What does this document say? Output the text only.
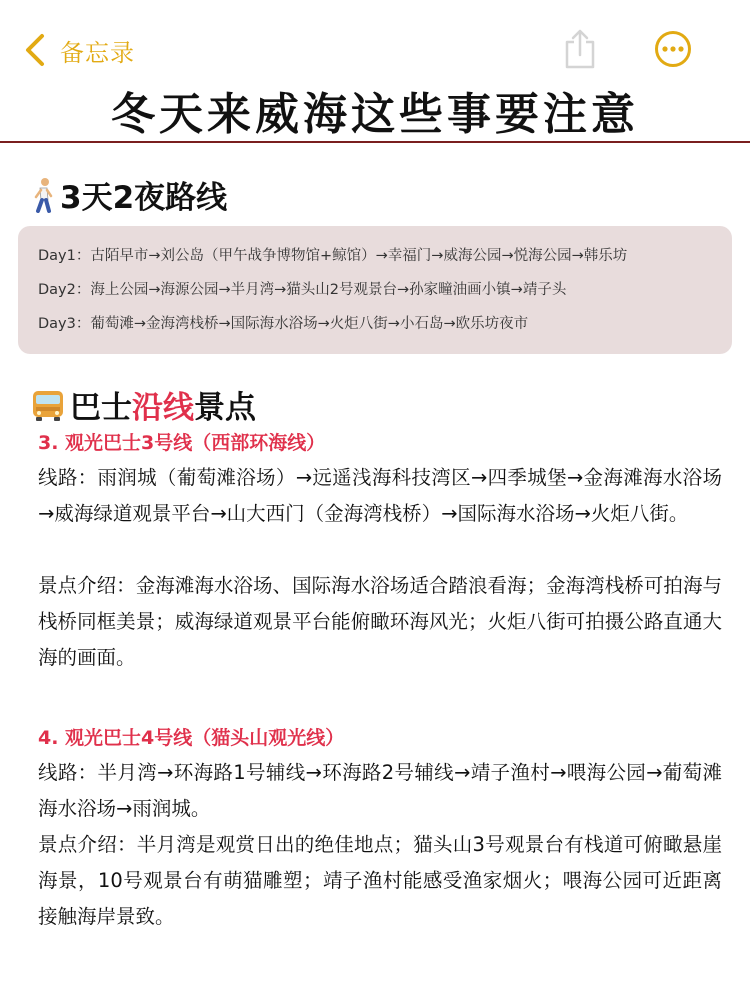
备忘录
冬天来威海这些事要注意
3天2夜路线
Day1：古陌早市→刘公岛（甲午战争博物馆+鲸馆）→幸福门→威海公园→悦海公园→韩乐坊
Day2：海上公园→海源公园→半月湾→猫头山2号观景台→孙家疃油画小镇→靖子头
Day3：葡萄滩→金海湾栈桥→国际海水浴场→火炬八街→小石岛→欧乐坊夜市
巴士 沿线 景点
3. 观光巴士3号线（西部环海线）
线路：雨润城（葡萄滩浴场）→远遥浅海科技湾区→四季城堡→金海滩海水浴场→威海绿道观景平台→山大西门（金海湾栈桥）→国际海水浴场→火炬八街。
景点介绍：金海滩海水浴场、国际海水浴场适合踏浪看海；金海湾栈桥可拍海与栈桥同框美景；威海绿道观景平台能俯瞰环海风光；火炬八街可拍摄公路直通大海的画面。
4. 观光巴士4号线（猫头山观光线）
线路：半月湾→环海路1号辅线→环海路2号辅线→靖子渔村→喂海公园→葡萄滩海水浴场→雨润城。
景点介绍：半月湾是观赏日出的绝佳地点；猫头山3号观景台有栈道可俯瞰悬崖海景，10号观景台有萌猫雕塑；靖子渔村能感受渔家烟火；喂海公园可近距离接触海岸景致。
